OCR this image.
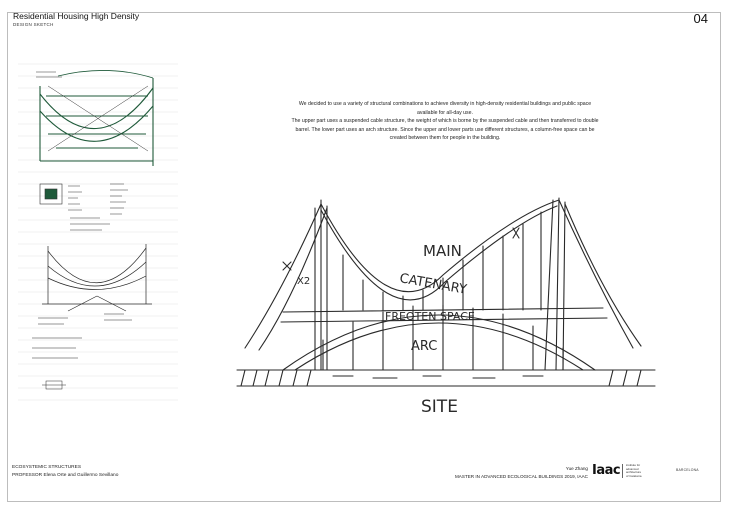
Residential Housing High Density
DESIGN SKETCH	04

We decided to use a variety of structural combinations to achieve diversity in high-density residential buildings and public space available for all-day use.

The upper part uses a suspended cable structure, the weight of which is borne by the suspended cable and then transferred to double barrel. The lower part uses an arch structure. Since the upper and lower parts use different structures, a column-free space can be created between them for people in the building.

MAIN
CATENARY
FREOTEN SPACE
ARC
SITE
X2
ECOSYSTEMIC STRUCTURES
PROFESSOR Elena Orte and Guillermo Sevillano
Yue Zhang
MASTER IN ADVANCED ECOLOGICAL BUILDINGS 2019, IAAC Iaac institute for
advanced
architecture
of Catalonia
BARCELONA
